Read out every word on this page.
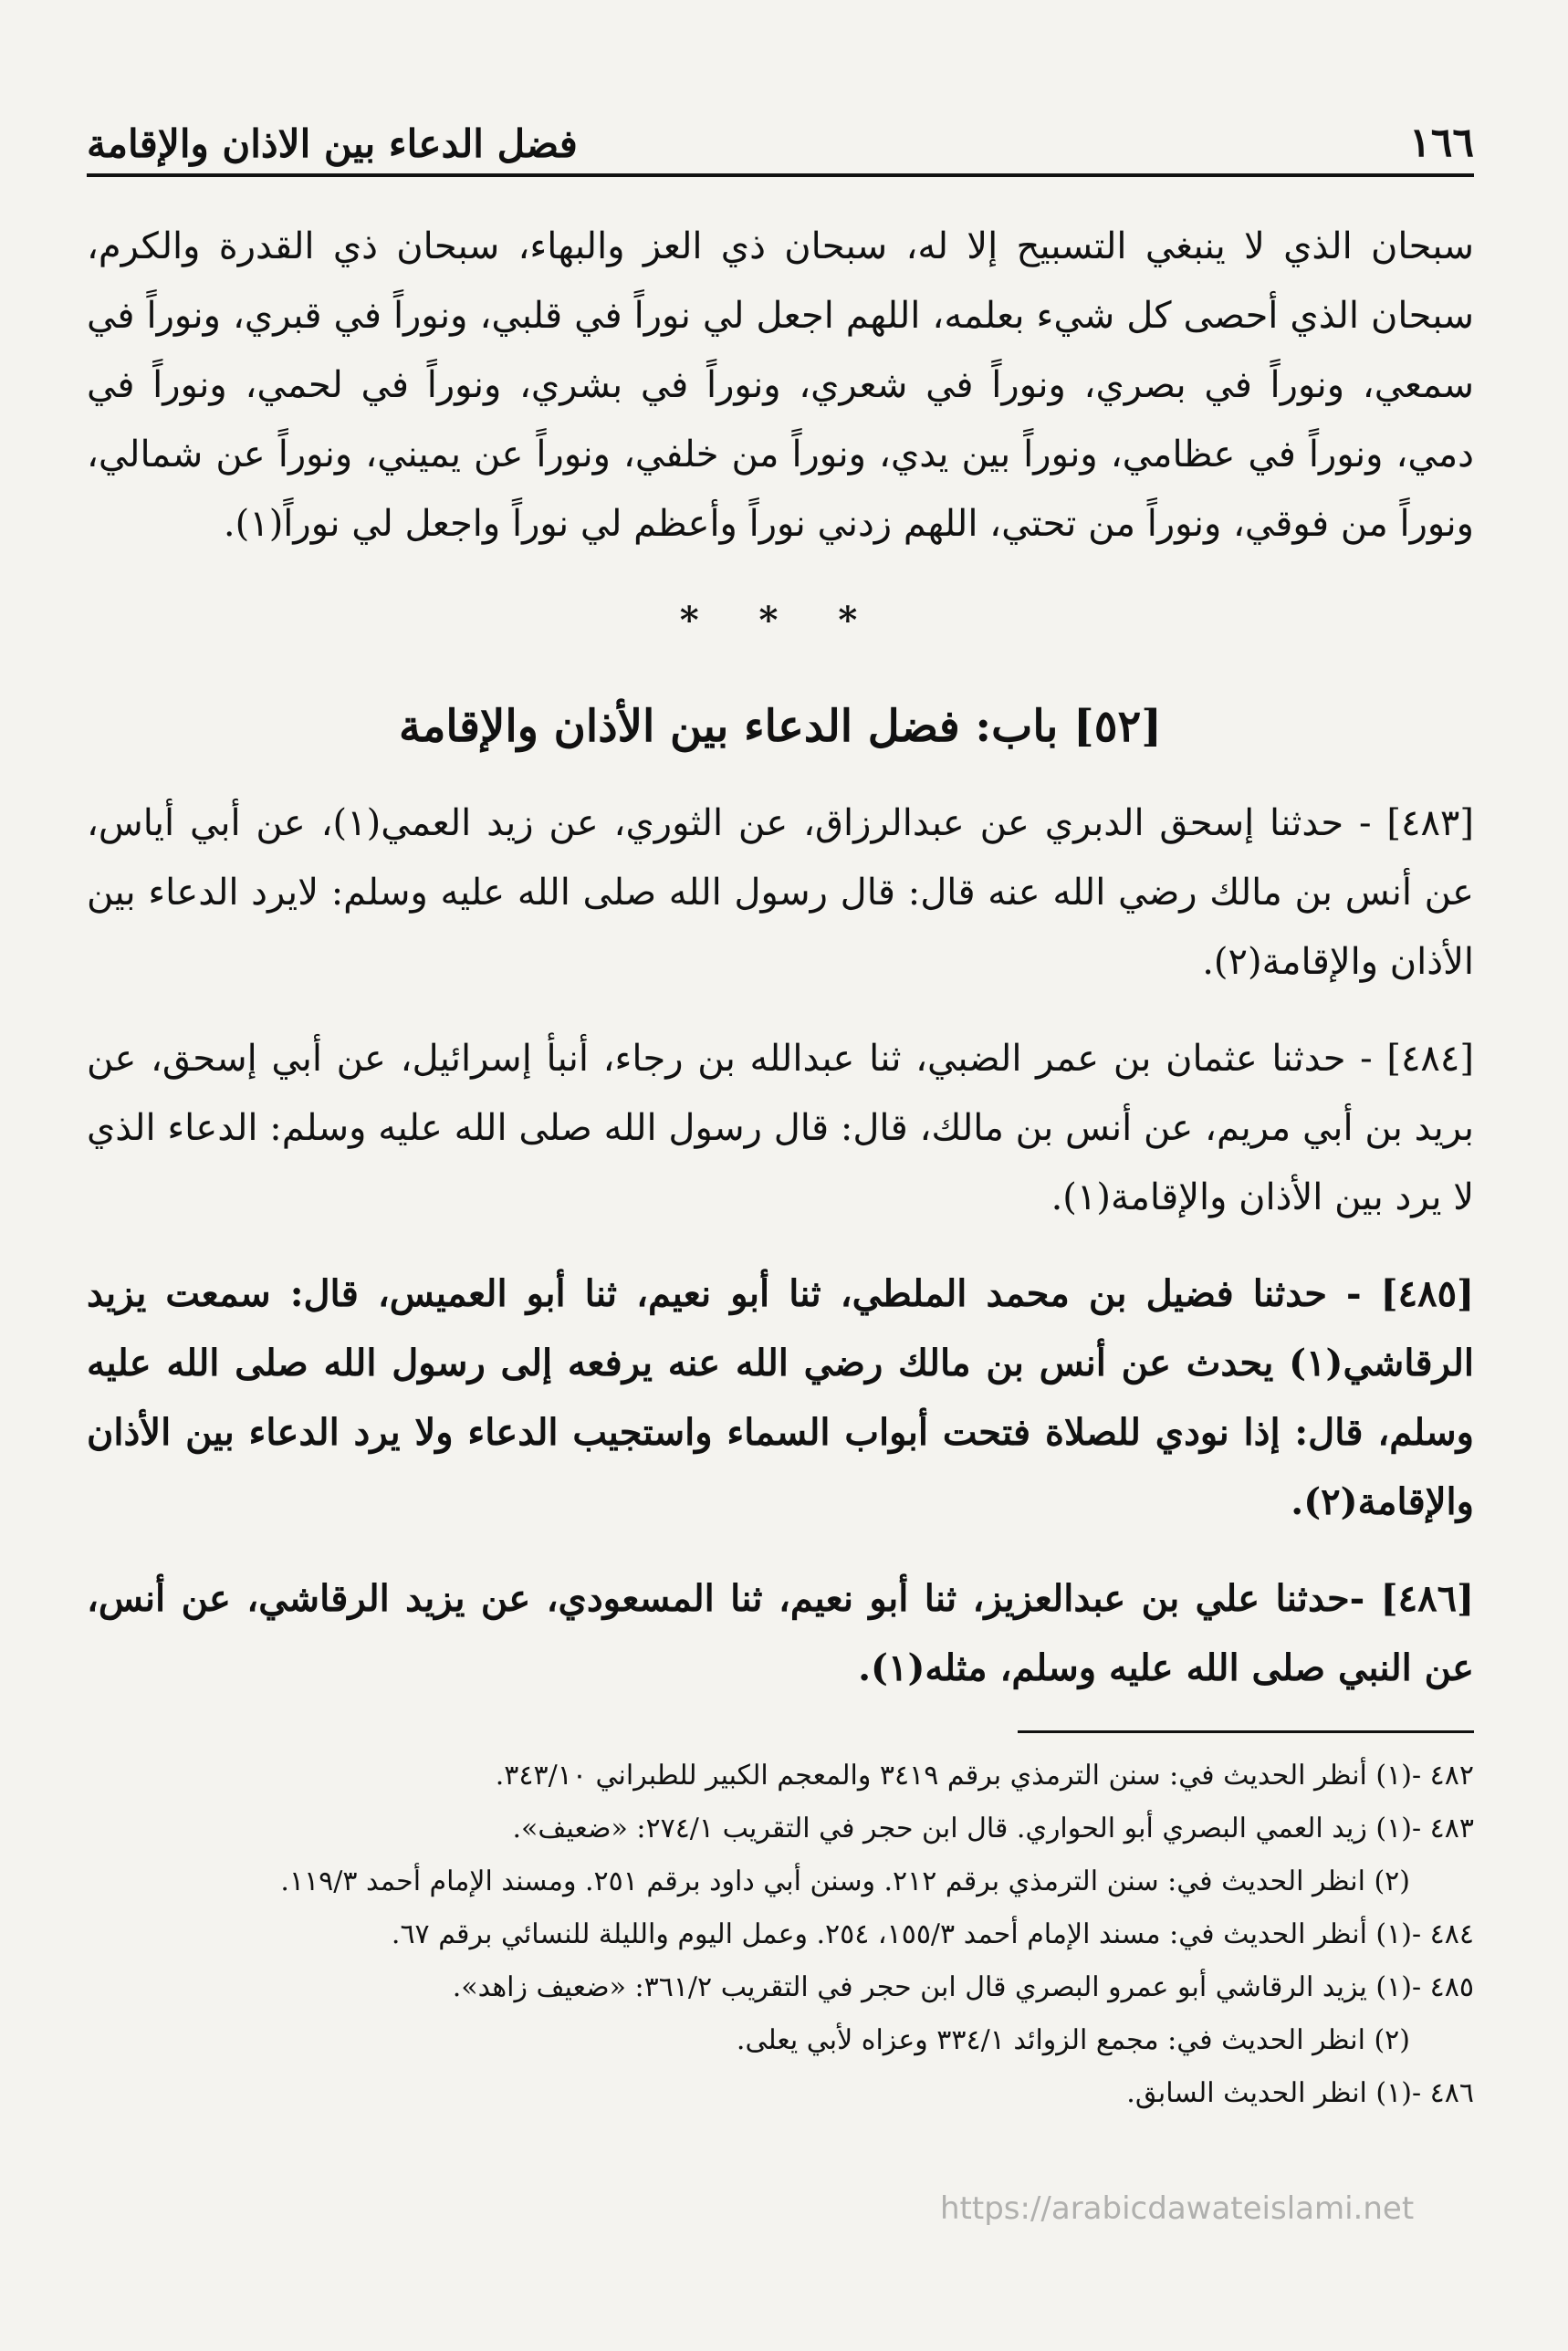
١٦٦
فضل الدعاء بين الاذان والإقامة

سبحان الذي لا ينبغي التسبيح إلا له، سبحان ذي العز والبهاء، سبحان ذي القدرة والكرم، سبحان الذي أحصى كل شيء بعلمه، اللهم اجعل لي نوراً في قلبي، ونوراً في قبري، ونوراً في سمعي، ونوراً في بصري، ونوراً في شعري، ونوراً في بشري، ونوراً في لحمي، ونوراً في دمي، ونوراً في عظامي، ونوراً بين يدي، ونوراً من خلفي، ونوراً عن يميني، ونوراً عن شمالي، ونوراً من فوقي، ونوراً من تحتي، اللهم زدني نوراً وأعظم لي نوراً واجعل لي نوراً(١).

* * *
[٥٢] باب: فضل الدعاء بين الأذان والإقامة

[٤٨٣] - حدثنا إسحق الدبري عن عبدالرزاق، عن الثوري، عن زيد العمي(١)، عن أبي أياس، عن أنس بن مالك رضي الله عنه قال: قال رسول الله صلى الله عليه وسلم: لايرد الدعاء بين الأذان والإقامة(٢).

[٤٨٤] - حدثنا عثمان بن عمر الضبي، ثنا عبدالله بن رجاء، أنبأ إسرائيل، عن أبي إسحق، عن بريد بن أبي مريم، عن أنس بن مالك، قال: قال رسول الله صلى الله عليه وسلم: الدعاء الذي لا يرد بين الأذان والإقامة(١).

[٤٨٥] - حدثنا فضيل بن محمد الملطي، ثنا أبو نعيم، ثنا أبو العميس، قال: سمعت يزيد الرقاشي(١) يحدث عن أنس بن مالك رضي الله عنه يرفعه إلى رسول الله صلى الله عليه وسلم، قال: إذا نودي للصلاة فتحت أبواب السماء واستجيب الدعاء ولا يرد الدعاء بين الأذان والإقامة(٢).

[٤٨٦] -حدثنا علي بن عبدالعزيز، ثنا أبو نعيم، ثنا المسعودي، عن يزيد الرقاشي، عن أنس، عن النبي صلى الله عليه وسلم، مثله(١).

٤٨٢ -(١) أنظر الحديث في: سنن الترمذي برقم ٣٤١٩ والمعجم الكبير للطبراني ٣٤٣/١٠.

٤٨٣ -(١) زيد العمي البصري أبو الحواري. قال ابن حجر في التقريب ٢٧٤/١: «ضعيف».

(٢) انظر الحديث في: سنن الترمذي برقم ٢١٢. وسنن أبي داود برقم ٢٥١. ومسند الإمام أحمد ١١٩/٣.

٤٨٤ -(١) أنظر الحديث في: مسند الإمام أحمد ١٥٥/٣، ٢٥٤. وعمل اليوم والليلة للنسائي برقم ٦٧.

٤٨٥ -(١) يزيد الرقاشي أبو عمرو البصري قال ابن حجر في التقريب ٣٦١/٢: «ضعيف زاهد».

(٢) انظر الحديث في: مجمع الزوائد ٣٣٤/١ وعزاه لأبي يعلى.

٤٨٦ -(١) انظر الحديث السابق.

https://arabicdawateislami.net
